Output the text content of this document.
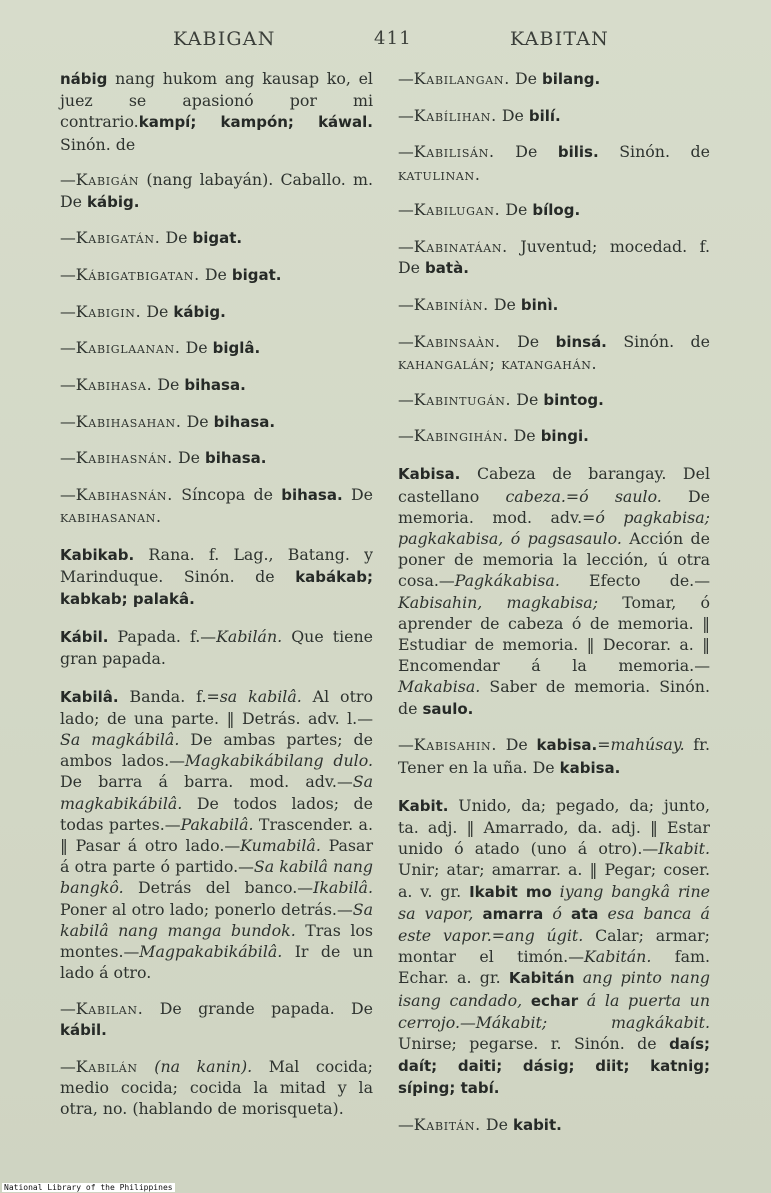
KABIGAN	411	KABITAN

nábig nang hukom ang kausap ko, el juez se apasionó por mi contrario.kampí; kampón; káwal. Sinón. de

—Kabigán (nang labayán). Caballo. m. De kábig.

—Kabigatán. De bigat.

—Kábigatbigatan. De bigat.

—Kabigin. De kábig.

—Kabiglaanan. De biglâ.

—Kabihasa. De bihasa.

—Kabihasahan. De bihasa.

—Kabihasnán. De bihasa.

—Kabihasnán. Síncopa de bihasa. De kabihasanan.

Kabikab. Rana. f. Lag., Batang. y Marinduque. Sinón. de kabákab; kabkab; palakâ.

Kábil. Papada. f.—Kabilán. Que tiene gran papada.

Kabilâ. Banda. f.=sa kabilâ. Al otro lado; de una parte. ‖ Detrás. adv. l.—Sa magkábilâ. De ambas partes; de ambos lados.—Magkabikábilang dulo. De barra á barra. mod. adv.—Sa magkabikábilâ. De todos lados; de todas partes.—Pakabilâ. Trascender. a. ‖ Pasar á otro lado.—Kumabilâ. Pasar á otra parte ó partido.—Sa kabilâ nang bangkô. Detrás del banco.—Ikabilâ. Poner al otro lado; ponerlo detrás.—Sa kabilâ nang manga bundok. Tras los montes.—Magpakabikábilâ. Ir de un lado á otro.

—Kabilan. De grande papada. De kábil.

—Kabilán (na kanin). Mal cocida; medio cocida; cocida la mitad y la otra, no. (hablando de morisqueta).

—Kabilangan. De bilang.

—Kabílihan. De bilí.

—Kabilisán. De bilis. Sinón. de katulinan.

—Kabilugan. De bílog.

—Kabinatáan. Juventud; mocedad. f. De batà.

—Kabiníàn. De binì.

—Kabinsaàn. De binsá. Sinón. de kahangalán; katangahán.

—Kabintugán. De bintog.

—Kabingihán. De bingi.

Kabisa. Cabeza de barangay. Del castellano cabeza.=ó saulo. De memoria. mod. adv.=ó pagkabisa; pagkakabisa, ó pagsasaulo. Acción de poner de memoria la lección, ú otra cosa.—Pagkákabisa. Efecto de.—Kabisahin, magkabisa; Tomar, ó aprender de cabeza ó de memoria. ‖ Estudiar de memoria. ‖ Decorar. a. ‖ Encomendar á la memoria.—Makabisa. Saber de memoria. Sinón. de saulo.

—Kabisahin. De kabisa.=mahúsay. fr. Tener en la uña. De kabisa.

Kabit. Unido, da; pegado, da; junto, ta. adj. ‖ Amarrado, da. adj. ‖ Estar unido ó atado (uno á otro).—Ikabit. Unir; atar; amarrar. a. ‖ Pegar; coser. a. v. gr. Ikabit mo iyang bangkâ rine sa vapor, amarra ó ata esa banca á este vapor.=ang úgit. Calar; armar; montar el timón.—Kabitán. fam. Echar. a. gr. Kabitán ang pinto nang isang candado, echar á la puerta un cerrojo.—Mákabit; magkákabit. Unirse; pegarse. r. Sinón. de daís; daít; daiti; dásig; diit; katnig; síping; tabí.

—Kabitán. De kabit.

National Library of the Philippines
